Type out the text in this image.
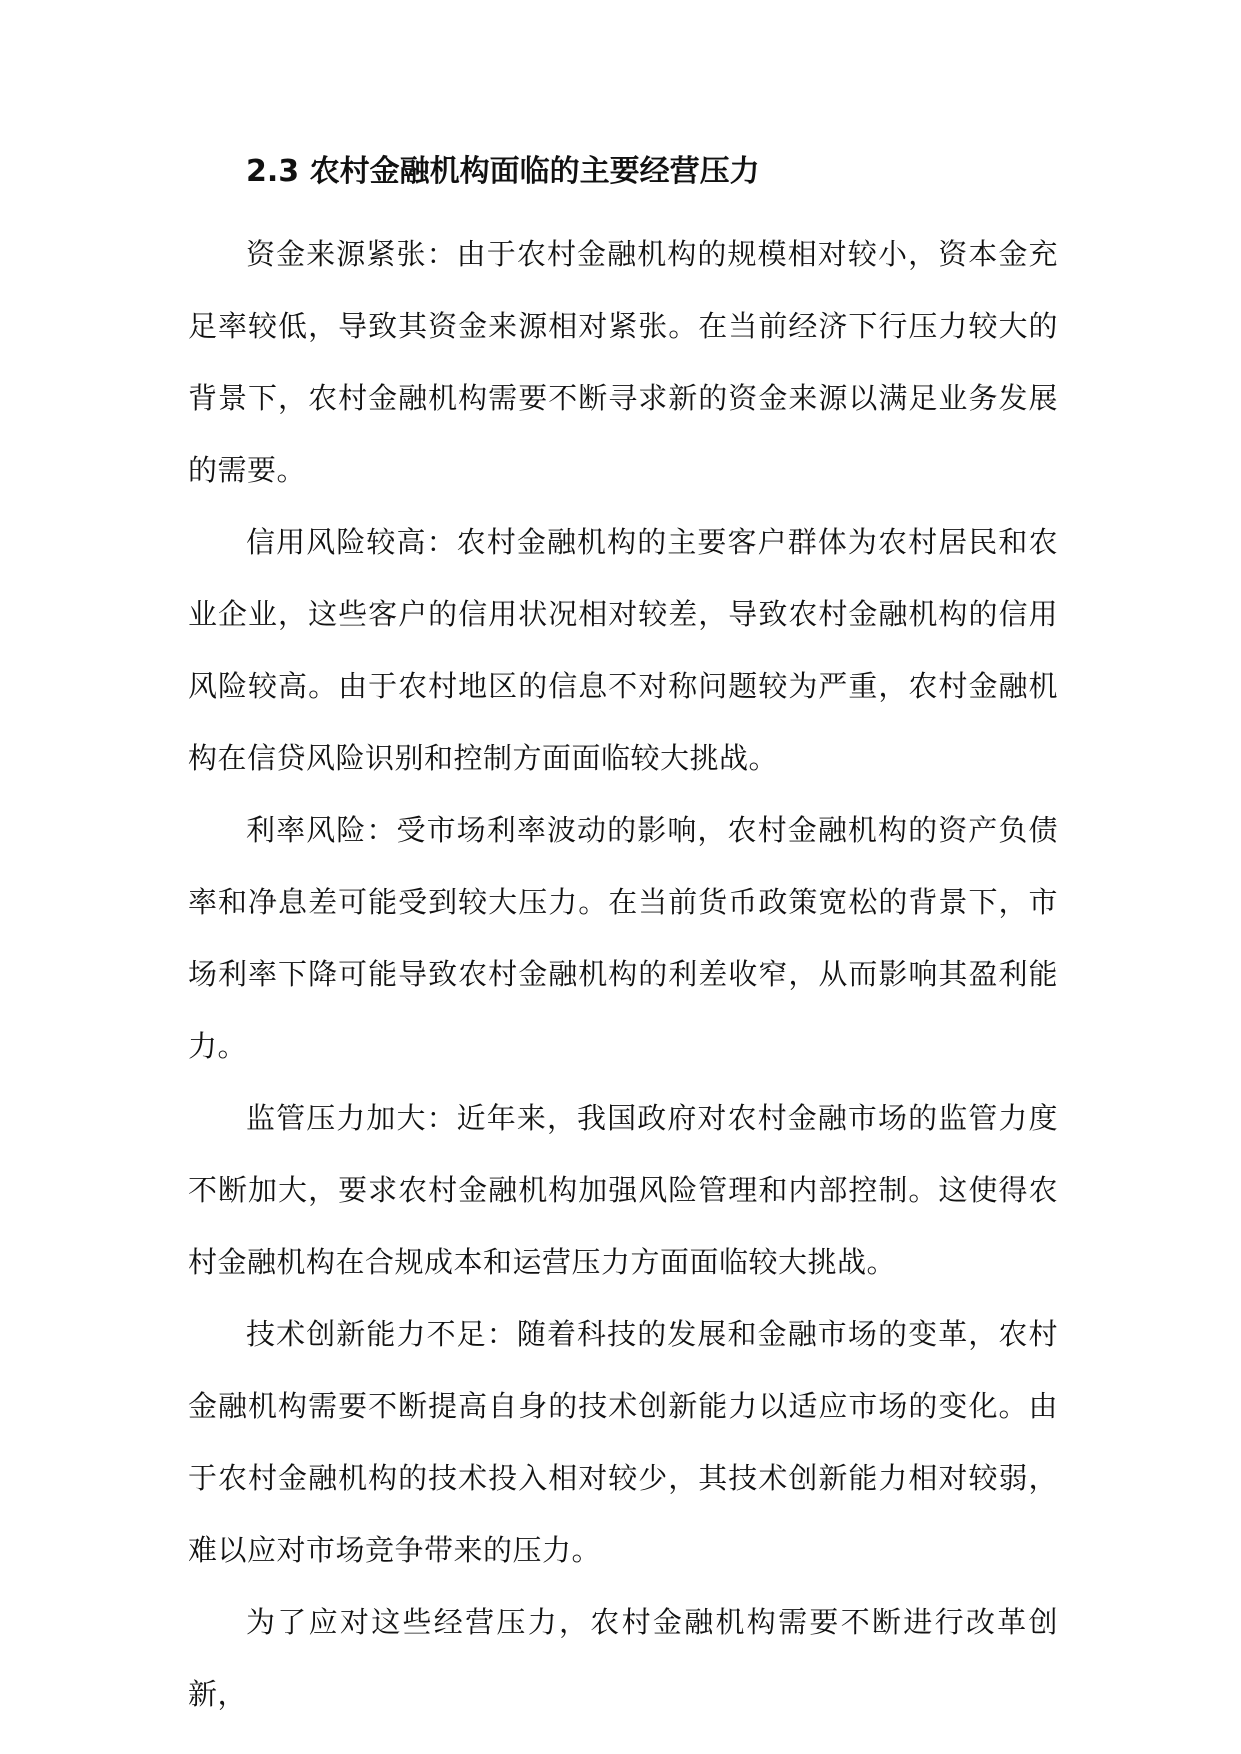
2.3 农村金融机构面临的主要经营压力

资金来源紧张：由于农村金融机构的规模相对较小，资本金充足率较低，导致其资金来源相对紧张。在当前经济下行压力较大的背景下，农村金融机构需要不断寻求新的资金来源以满足业务发展的需要。

信用风险较高：农村金融机构的主要客户群体为农村居民和农业企业，这些客户的信用状况相对较差，导致农村金融机构的信用风险较高。由于农村地区的信息不对称问题较为严重，农村金融机构在信贷风险识别和控制方面面临较大挑战。

利率风险：受市场利率波动的影响，农村金融机构的资产负债率和净息差可能受到较大压力。在当前货币政策宽松的背景下，市场利率下降可能导致农村金融机构的利差收窄，从而影响其盈利能力。

监管压力加大：近年来，我国政府对农村金融市场的监管力度不断加大，要求农村金融机构加强风险管理和内部控制。这使得农村金融机构在合规成本和运营压力方面面临较大挑战。

技术创新能力不足：随着科技的发展和金融市场的变革，农村金融机构需要不断提高自身的技术创新能力以适应市场的变化。由于农村金融机构的技术投入相对较少，其技术创新能力相对较弱，难以应对市场竞争带来的压力。

为了应对这些经营压力，农村金融机构需要不断进行改革创新，
